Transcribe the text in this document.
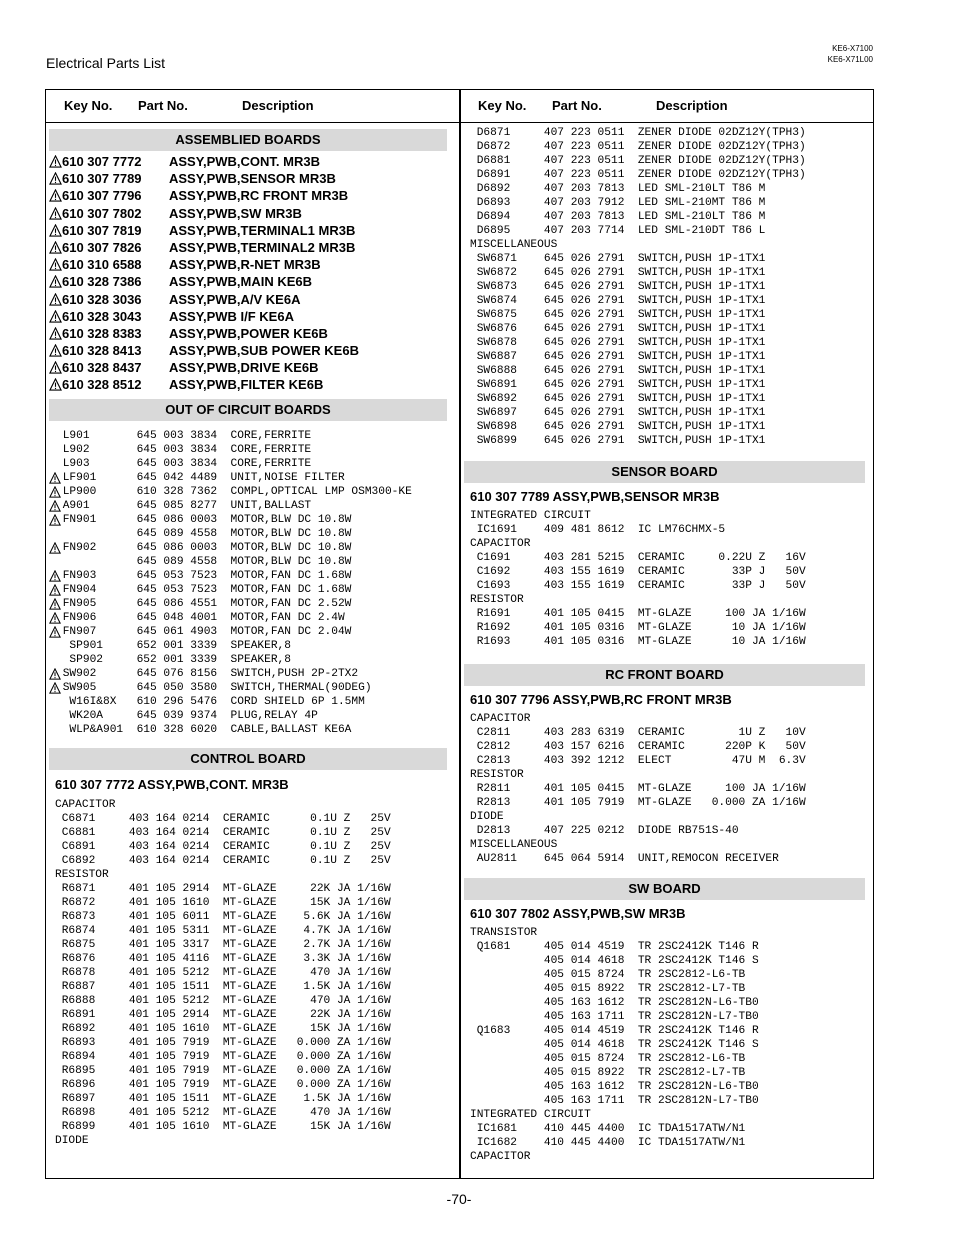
Electrical Parts List
KE6-X7100
KE6-X71L00
Key No. Part No.	Description	Key No. Part No.	Description
ASSEMBLIED BOARDS
610 307 7772 ASSY,PWB,CONT. MR3B
610 307 7789 ASSY,PWB,SENSOR MR3B
610 307 7796 ASSY,PWB,RC FRONT MR3B
610 307 7802 ASSY,PWB,SW MR3B
610 307 7819 ASSY,PWB,TERMINAL1 MR3B
610 307 7826 ASSY,PWB,TERMINAL2 MR3B
610 310 6588 ASSY,PWB,R-NET MR3B
610 328 7386 ASSY,PWB,MAIN KE6B
610 328 3036 ASSY,PWB,A/V KE6A
610 328 3043 ASSY,PWB I/F KE6A
610 328 8383 ASSY,PWB,POWER KE6B
610 328 8413 ASSY,PWB,SUB POWER KE6B
610 328 8437 ASSY,PWB,DRIVE KE6B
610 328 8512 ASSY,PWB,FILTER KE6B
OUT OF CIRCUIT BOARDS
L901       645 003 3834  CORE,FERRITE
L902       645 003 3834  CORE,FERRITE
L903       645 003 3834  CORE,FERRITE
LF901      645 042 4489  UNIT,NOISE FILTER
LP900      610 328 7362  COMPL,OPTICAL LMP OSM300-KE
A901       645 085 8277  UNIT,BALLAST
FN901      645 086 0003  MOTOR,BLW DC 10.8W
645 089 4558  MOTOR,BLW DC 10.8W
FN902      645 086 0003  MOTOR,BLW DC 10.8W
645 089 4558  MOTOR,BLW DC 10.8W
FN903      645 053 7523  MOTOR,FAN DC 1.68W
FN904      645 053 7523  MOTOR,FAN DC 1.68W
FN905      645 086 4551  MOTOR,FAN DC 2.52W
FN906      645 048 4001  MOTOR,FAN DC 2.4W
FN907      645 061 4903  MOTOR,FAN DC 2.04W
SP901     652 001 3339  SPEAKER,8
SP902     652 001 3339  SPEAKER,8
SW902      645 076 8156  SWITCH,PUSH 2P-2TX2
SW905      645 050 3580  SWITCH,THERMAL(90DEG)
W16I&8X   610 296 5476  CORD SHIELD 6P 1.5MM
WK20A     645 039 9374  PLUG,RELAY 4P
WLP&A901  610 328 6020  CABLE,BALLAST KE6A
CONTROL BOARD
610 307 7772 ASSY,PWB,CONT. MR3B
CAPACITOR
C6871     403 164 0214  CERAMIC      0.1U Z   25V
C6881     403 164 0214  CERAMIC      0.1U Z   25V
C6891     403 164 0214  CERAMIC      0.1U Z   25V
C6892     403 164 0214  CERAMIC      0.1U Z   25V
RESISTOR
R6871     401 105 2914  MT-GLAZE     22K JA 1/16W
R6872     401 105 1610  MT-GLAZE     15K JA 1/16W
R6873     401 105 6011  MT-GLAZE    5.6K JA 1/16W
R6874     401 105 5311  MT-GLAZE    4.7K JA 1/16W
R6875     401 105 3317  MT-GLAZE    2.7K JA 1/16W
R6876     401 105 4116  MT-GLAZE    3.3K JA 1/16W
R6878     401 105 5212  MT-GLAZE     470 JA 1/16W
R6887     401 105 1511  MT-GLAZE    1.5K JA 1/16W
R6888     401 105 5212  MT-GLAZE     470 JA 1/16W
R6891     401 105 2914  MT-GLAZE     22K JA 1/16W
R6892     401 105 1610  MT-GLAZE     15K JA 1/16W
R6893     401 105 7919  MT-GLAZE   0.000 ZA 1/16W
R6894     401 105 7919  MT-GLAZE   0.000 ZA 1/16W
R6895     401 105 7919  MT-GLAZE   0.000 ZA 1/16W
R6896     401 105 7919  MT-GLAZE   0.000 ZA 1/16W
R6897     401 105 1511  MT-GLAZE    1.5K JA 1/16W
R6898     401 105 5212  MT-GLAZE     470 JA 1/16W
R6899     401 105 1610  MT-GLAZE     15K JA 1/16W
DIODE
D6871     407 223 0511  ZENER DIODE 02DZ12Y(TPH3)
D6872     407 223 0511  ZENER DIODE 02DZ12Y(TPH3)
D6881     407 223 0511  ZENER DIODE 02DZ12Y(TPH3)
D6891     407 223 0511  ZENER DIODE 02DZ12Y(TPH3)
D6892     407 203 7813  LED SML-210LT T86 M
D6893     407 203 7912  LED SML-210MT T86 M
D6894     407 203 7813  LED SML-210LT T86 M
D6895     407 203 7714  LED SML-210DT T86 L
MISCELLANEOUS
SW6871    645 026 2791  SWITCH,PUSH 1P-1TX1
SW6872    645 026 2791  SWITCH,PUSH 1P-1TX1
SW6873    645 026 2791  SWITCH,PUSH 1P-1TX1
SW6874    645 026 2791  SWITCH,PUSH 1P-1TX1
SW6875    645 026 2791  SWITCH,PUSH 1P-1TX1
SW6876    645 026 2791  SWITCH,PUSH 1P-1TX1
SW6878    645 026 2791  SWITCH,PUSH 1P-1TX1
SW6887    645 026 2791  SWITCH,PUSH 1P-1TX1
SW6888    645 026 2791  SWITCH,PUSH 1P-1TX1
SW6891    645 026 2791  SWITCH,PUSH 1P-1TX1
SW6892    645 026 2791  SWITCH,PUSH 1P-1TX1
SW6897    645 026 2791  SWITCH,PUSH 1P-1TX1
SW6898    645 026 2791  SWITCH,PUSH 1P-1TX1
SW6899    645 026 2791  SWITCH,PUSH 1P-1TX1
SENSOR BOARD
610 307 7789 ASSY,PWB,SENSOR MR3B
INTEGRATED CIRCUIT
IC1691    409 481 8612  IC LM76CHMX-5
CAPACITOR
C1691     403 281 5215  CERAMIC     0.22U Z   16V
C1692     403 155 1619  CERAMIC       33P J   50V
C1693     403 155 1619  CERAMIC       33P J   50V
RESISTOR
R1691     401 105 0415  MT-GLAZE     100 JA 1/16W
R1692     401 105 0316  MT-GLAZE      10 JA 1/16W
R1693     401 105 0316  MT-GLAZE      10 JA 1/16W
RC FRONT BOARD
610 307 7796 ASSY,PWB,RC FRONT MR3B
CAPACITOR
C2811     403 283 6319  CERAMIC        1U Z   10V
C2812     403 157 6216  CERAMIC      220P K   50V
C2813     403 392 1212  ELECT         47U M  6.3V
RESISTOR
R2811     401 105 0415  MT-GLAZE     100 JA 1/16W
R2813     401 105 7919  MT-GLAZE   0.000 ZA 1/16W
DIODE
D2813     407 225 0212  DIODE RB751S-40
MISCELLANEOUS
AU2811    645 064 5914  UNIT,REMOCON RECEIVER
SW BOARD
610 307 7802 ASSY,PWB,SW MR3B
TRANSISTOR
Q1681     405 014 4519  TR 2SC2412K T146 R
405 014 4618  TR 2SC2412K T146 S
405 015 8724  TR 2SC2812-L6-TB
405 015 8922  TR 2SC2812-L7-TB
405 163 1612  TR 2SC2812N-L6-TB0
405 163 1711  TR 2SC2812N-L7-TB0
Q1683     405 014 4519  TR 2SC2412K T146 R
405 014 4618  TR 2SC2412K T146 S
405 015 8724  TR 2SC2812-L6-TB
405 015 8922  TR 2SC2812-L7-TB
405 163 1612  TR 2SC2812N-L6-TB0
405 163 1711  TR 2SC2812N-L7-TB0
INTEGRATED CIRCUIT
IC1681    410 445 4400  IC TDA1517ATW/N1
IC1682    410 445 4400  IC TDA1517ATW/N1
CAPACITOR
-70-
